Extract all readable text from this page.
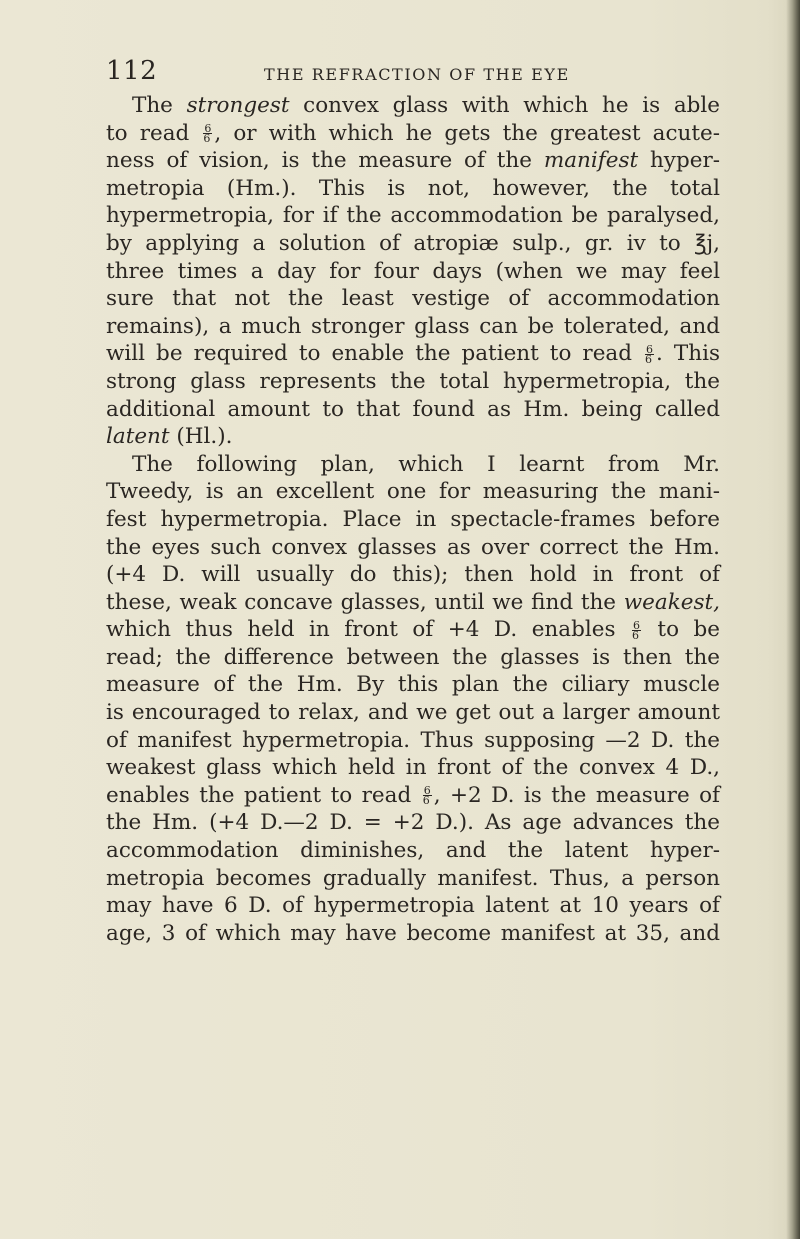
112	THE REFRACTION OF THE EYE
The strongest convex glass with which he is able
to read $\frac{6}{6}$ , or with which he gets the greatest acute-
ness of vision, is the measure of the manifest hyper-
metropia (Hm.). This is not, however, the total
hypermetropia, for if the accommodation be paralysed,
by applying a solution of atropiæ sulp., gr. iv to ℥j,
three times a day for four days (when we may feel
sure that not the least vestige of accommodation
remains), a much stronger glass can be tolerated, and
will be required to enable the patient to read $\frac{6}{6}$ . This
strong glass represents the total hypermetropia, the
additional amount to that found as Hm. being called
latent (Hl.).
The following plan, which I learnt from Mr.
Tweedy, is an excellent one for measuring the mani-
fest hypermetropia. Place in spectacle-frames before
the eyes such convex glasses as over correct the Hm.
(+4 D. will usually do this); then hold in front of
these, weak concave glasses, until we find the weakest,
which thus held in front of +4 D. enables $\frac{6}{6}$ to be
read; the difference between the glasses is then the
measure of the Hm. By this plan the ciliary muscle
is encouraged to relax, and we get out a larger amount
of manifest hypermetropia. Thus supposing —2 D. the
weakest glass which held in front of the convex 4 D.,
enables the patient to read $\frac{6}{6}$ , +2 D. is the measure of
the Hm. (+4 D.—2 D. = +2 D.). As age advances the
accommodation diminishes, and the latent hyper-
metropia becomes gradually manifest. Thus, a person
may have 6 D. of hypermetropia latent at 10 years of
age, 3 of which may have become manifest at 35, and
